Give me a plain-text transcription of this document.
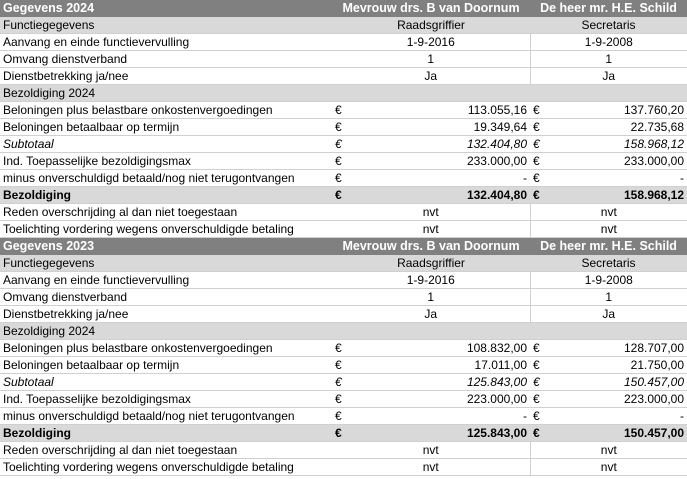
Gegevens 2024	Mevrouw drs. B van Doornum		De heer mr. H.E. Schild	
Functiegegevens	Raadsgriffier		Secretaris	
Aanvang en einde functievervulling	1-9-2016		1-9-2008	
Omvang dienstverband	1		1	
Dienstbetrekking ja/nee	Ja		Ja	
Bezoldiging 2024				
Beloningen plus belastbare onkostenvergoedingen	€	113.055,16	€	137.760,20
Beloningen betaalbaar op termijn	€	19.349,64	€	22.735,68
Subtotaal	€	132.404,80	€	158.968,12
Ind. Toepasselijke bezoldigingsmax	€	233.000,00	€	233.000,00
minus onverschuldigd betaald/nog niet terugontvangen	€	-	€	-
Bezoldiging	€	132.404,80	€	158.968,12
Reden overschrijding al dan niet toegestaan	nvt		nvt	
Toelichting vordering wegens onverschuldigde betaling	nvt		nvt	
Gegevens 2023	Mevrouw drs. B van Doornum		De heer mr. H.E. Schild	
Functiegegevens	Raadsgriffier		Secretaris	
Aanvang en einde functievervulling	1-9-2016		1-9-2008	
Omvang dienstverband	1		1	
Dienstbetrekking ja/nee	Ja		Ja	
Bezoldiging 2024				
Beloningen plus belastbare onkostenvergoedingen	€	108.832,00	€	128.707,00
Beloningen betaalbaar op termijn	€	17.011,00	€	21.750,00
Subtotaal	€	125.843,00	€	150.457,00
Ind. Toepasselijke bezoldigingsmax	€	223.000,00	€	223.000,00
minus onverschuldigd betaald/nog niet terugontvangen	€	-	€	-
Bezoldiging	€	125.843,00	€	150.457,00
Reden overschrijding al dan niet toegestaan	nvt		nvt	
Toelichting vordering wegens onverschuldigde betaling	nvt		nvt	
